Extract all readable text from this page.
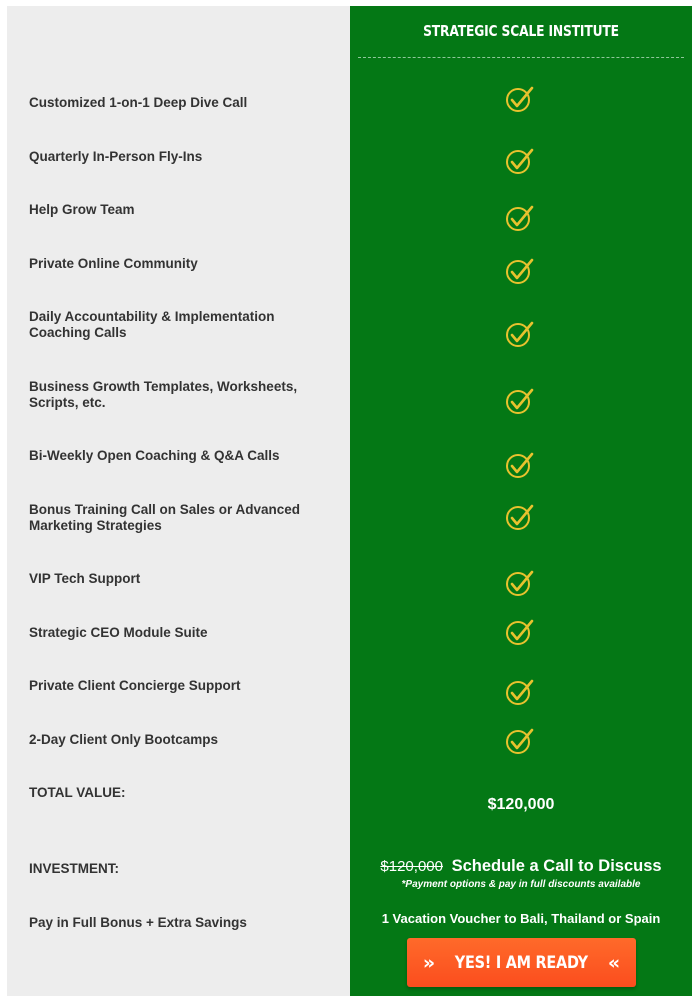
STRATEGIC SCALE INSTITUTE
Customized 1-on-1 Deep Dive Call
Quarterly In-Person Fly-Ins
Help Grow Team
Private Online Community
Daily Accountability & Implementation Coaching Calls
Business Growth Templates, Worksheets, Scripts, etc.
Bi-Weekly Open Coaching & Q&A Calls
Bonus Training Call on Sales or Advanced Marketing Strategies
VIP Tech Support
Strategic CEO Module Suite
Private Client Concierge Support
2-Day Client Only Bootcamps
TOTAL VALUE:
$120,000
INVESTMENT:	$120,000 Schedule a Call to Discuss
*Payment options & pay in full discounts available
Pay in Full Bonus + Extra Savings	1 Vacation Voucher to Bali, Thailand or Spain
» YES! I AM READY «
